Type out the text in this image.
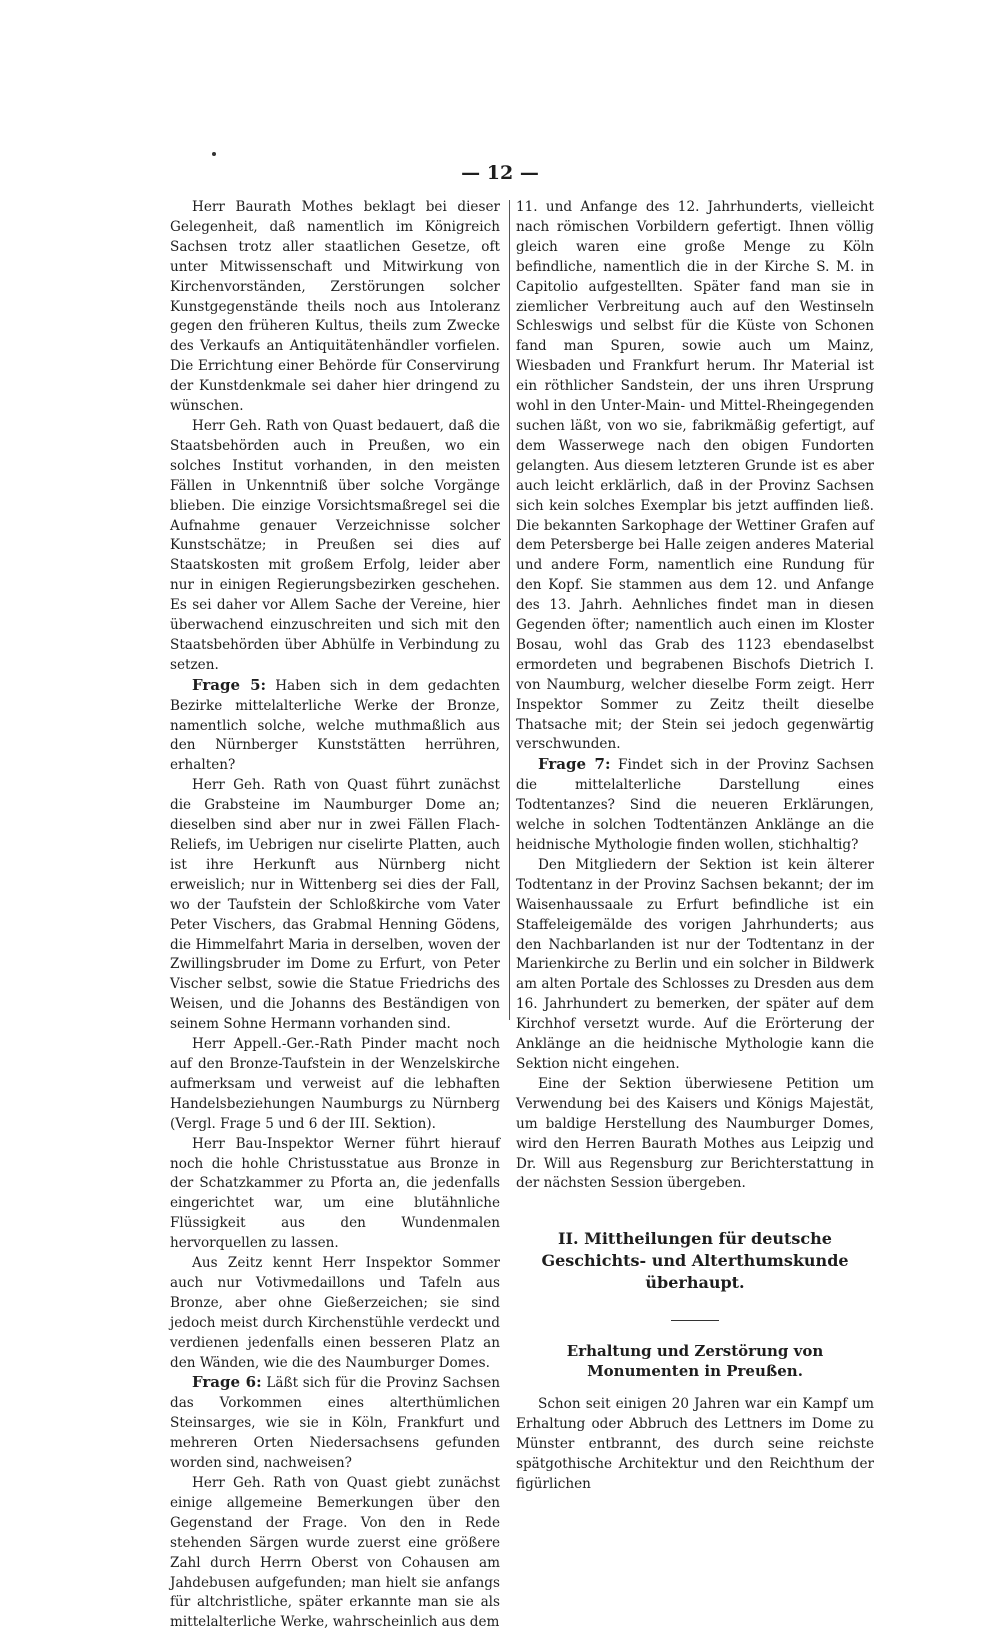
— 12 —

Herr Baurath Mothes beklagt bei dieser Gelegenheit, daß namentlich im Königreich Sachsen trotz aller staatlichen Gesetze, oft unter Mitwissenschaft und Mitwirkung von Kirchenvorständen, Zerstörungen solcher Kunstgegenstände theils noch aus Intoleranz gegen den früheren Kultus, theils zum Zwecke des Verkaufs an Antiquitätenhändler vorfielen. Die Errichtung einer Behörde für Conservirung der Kunstdenkmale sei daher hier dringend zu wünschen.

Herr Geh. Rath von Quast bedauert, daß die Staatsbehörden auch in Preußen, wo ein solches Institut vorhanden, in den meisten Fällen in Unkenntniß über solche Vorgänge blieben. Die einzige Vorsichtsmaßregel sei die Aufnahme genauer Verzeichnisse solcher Kunstschätze; in Preußen sei dies auf Staatskosten mit großem Erfolg, leider aber nur in einigen Regierungsbezirken geschehen. Es sei daher vor Allem Sache der Vereine, hier überwachend einzuschreiten und sich mit den Staatsbehörden über Abhülfe in Verbindung zu setzen.

Frage 5: Haben sich in dem gedachten Bezirke mittelalterliche Werke der Bronze, namentlich solche, welche muthmaßlich aus den Nürnberger Kunststätten herrühren, erhalten?

Herr Geh. Rath von Quast führt zunächst die Grabsteine im Naumburger Dome an; dieselben sind aber nur in zwei Fällen Flach-Reliefs, im Uebrigen nur ciselirte Platten, auch ist ihre Herkunft aus Nürnberg nicht erweislich; nur in Wittenberg sei dies der Fall, wo der Taufstein der Schloßkirche vom Vater Peter Vischers, das Grabmal Henning Gödens, die Himmelfahrt Maria in derselben, woven der Zwillingsbruder im Dome zu Erfurt, von Peter Vischer selbst, sowie die Statue Friedrichs des Weisen, und die Johanns des Beständigen von seinem Sohne Hermann vorhanden sind.

Herr Appell.-Ger.-Rath Pinder macht noch auf den Bronze-Taufstein in der Wenzelskirche aufmerksam und verweist auf die lebhaften Handelsbeziehungen Naumburgs zu Nürnberg (Vergl. Frage 5 und 6 der III. Sektion).

Herr Bau-Inspektor Werner führt hierauf noch die hohle Christusstatue aus Bronze in der Schatzkammer zu Pforta an, die jedenfalls eingerichtet war, um eine blutähnliche Flüssigkeit aus den Wundenmalen hervorquellen zu lassen.

Aus Zeitz kennt Herr Inspektor Sommer auch nur Votivmedaillons und Tafeln aus Bronze, aber ohne Gießerzeichen; sie sind jedoch meist durch Kirchenstühle verdeckt und verdienen jedenfalls einen besseren Platz an den Wänden, wie die des Naumburger Domes.

Frage 6: Läßt sich für die Provinz Sachsen das Vorkommen eines alterthümlichen Steinsarges, wie sie in Köln, Frankfurt und mehreren Orten Niedersachsens gefunden worden sind, nachweisen?

Herr Geh. Rath von Quast giebt zunächst einige allgemeine Bemerkungen über den Gegenstand der Frage. Von den in Rede stehenden Särgen wurde zuerst eine größere Zahl durch Herrn Oberst von Cohausen am Jahdebusen aufgefunden; man hielt sie anfangs für altchristliche, später erkannte man sie als mittelalterliche Werke, wahrscheinlich aus dem

11. und Anfange des 12. Jahrhunderts, vielleicht nach römischen Vorbildern gefertigt. Ihnen völlig gleich waren eine große Menge zu Köln befindliche, namentlich die in der Kirche S. M. in Capitolio aufgestellten. Später fand man sie in ziemlicher Verbreitung auch auf den Westinseln Schleswigs und selbst für die Küste von Schonen fand man Spuren, sowie auch um Mainz, Wiesbaden und Frankfurt herum. Ihr Material ist ein röthlicher Sandstein, der uns ihren Ursprung wohl in den Unter-Main- und Mittel-Rheingegenden suchen läßt, von wo sie, fabrikmäßig gefertigt, auf dem Wasserwege nach den obigen Fundorten gelangten. Aus diesem letzteren Grunde ist es aber auch leicht erklärlich, daß in der Provinz Sachsen sich kein solches Exemplar bis jetzt auffinden ließ. Die bekannten Sarkophage der Wettiner Grafen auf dem Petersberge bei Halle zeigen anderes Material und andere Form, namentlich eine Rundung für den Kopf. Sie stammen aus dem 12. und Anfange des 13. Jahrh. Aehnliches findet man in diesen Gegenden öfter; namentlich auch einen im Kloster Bosau, wohl das Grab des 1123 ebendaselbst ermordeten und begrabenen Bischofs Dietrich I. von Naumburg, welcher dieselbe Form zeigt. Herr Inspektor Sommer zu Zeitz theilt dieselbe Thatsache mit; der Stein sei jedoch gegenwärtig verschwunden.

Frage 7: Findet sich in der Provinz Sachsen die mittelalterliche Darstellung eines Todtentanzes? Sind die neueren Erklärungen, welche in solchen Todtentänzen Anklänge an die heidnische Mythologie finden wollen, stichhaltig?

Den Mitgliedern der Sektion ist kein älterer Todtentanz in der Provinz Sachsen bekannt; der im Waisenhaussaale zu Erfurt befindliche ist ein Staffeleigemälde des vorigen Jahrhunderts; aus den Nachbarlanden ist nur der Todtentanz in der Marienkirche zu Berlin und ein solcher in Bildwerk am alten Portale des Schlosses zu Dresden aus dem 16. Jahrhundert zu bemerken, der später auf dem Kirchhof versetzt wurde. Auf die Erörterung der Anklänge an die heidnische Mythologie kann die Sektion nicht eingehen.

Eine der Sektion überwiesene Petition um Verwendung bei des Kaisers und Königs Majestät, um baldige Herstellung des Naumburger Domes, wird den Herren Baurath Mothes aus Leipzig und Dr. Will aus Regensburg zur Berichterstattung in der nächsten Session übergeben.

II. Mittheilungen für deutsche Geschichts- und Alterthumskunde überhaupt.
Erhaltung und Zerstörung von Monumenten in Preußen.

Schon seit einigen 20 Jahren war ein Kampf um Erhaltung oder Abbruch des Lettners im Dome zu Münster entbrannt, des durch seine reichste spätgothische Architektur und den Reichthum der figürlichen
